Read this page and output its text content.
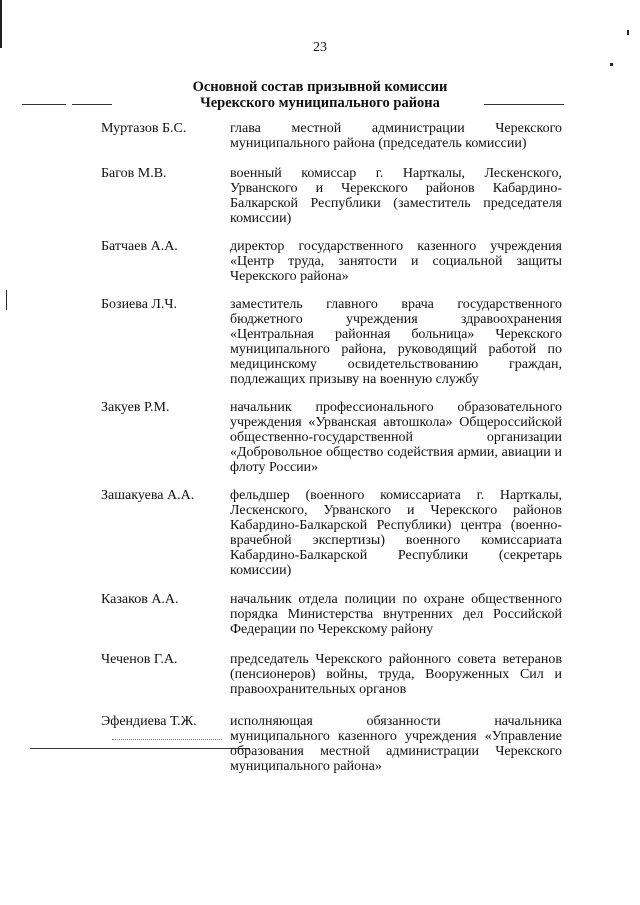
23
Основной состав призывной комиссии
Черекского муниципального района
Муртазов Б.С.	глава местной администрации Черекского муниципального района (председатель комиссии)
Багов М.В.	военный комиссар г. Нарткалы, Лескенского, Урванского и Черекского районов Кабардино-Балкарской Республики (заместитель председателя комиссии)
Батчаев А.А.	директор государственного казенного учреждения «Центр труда, занятости и социальной защиты Черекского района»
Бозиева Л.Ч.	заместитель главного врача государственного бюджетного учреждения здравоохранения «Центральная районная больница» Черекского муниципального района, руководящий работой по медицинскому освидетельствованию граждан, подлежащих призыву на военную службу
Закуев Р.М.	начальник профессионального образовательного учреждения «Урванская автошкола» Общероссийской общественно-государственной организации «Добровольное общество содействия армии, авиации и флоту России»
Зашакуева А.А.	фельдшер (военного комиссариата г. Нарткалы, Лескенского, Урванского и Черекского районов Кабардино-Балкарской Республики) центра (военно-врачебной экспертизы) военного комиссариата Кабардино-Балкарской Республики (секретарь комиссии)
Казаков А.А.	начальник отдела полиции по охране общественного порядка Министерства внутренних дел Российской Федерации по Черекскому району
Чеченов Г.А.	председатель Черекского районного совета ветеранов (пенсионеров) войны, труда, Вооруженных Сил и правоохранительных органов
Эфендиева Т.Ж. исполняющая обязанности начальника муниципального казенного учреждения «Управление образования местной администрации Черекского муниципального района»
